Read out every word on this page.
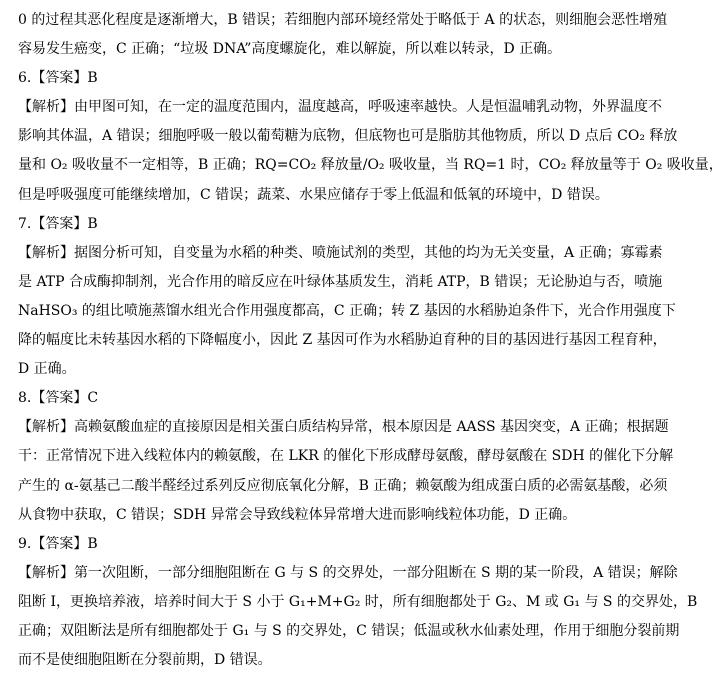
0 的过程其恶化程度是逐渐增大，B 错误；若细胞内部环境经常处于略低于 A 的状态，则细胞会恶性增殖
容易发生癌变，C 正确；“垃圾 DNA”高度螺旋化，难以解旋，所以难以转录，D 正确。
6.【答案】B
【解析】由甲图可知，在一定的温度范围内，温度越高，呼吸速率越快。人是恒温哺乳动物，外界温度不
影响其体温，A 错误；细胞呼吸一般以葡萄糖为底物，但底物也可是脂肪其他物质，所以 D 点后 CO₂ 释放
量和 O₂ 吸收量不一定相等，B 正确；RQ=CO₂ 释放量/O₂ 吸收量，当 RQ=1 时，CO₂ 释放量等于 O₂ 吸收量，
但是呼吸强度可能继续增加，C 错误；蔬菜、水果应储存于零上低温和低氧的环境中，D 错误。
7.【答案】B
【解析】据图分析可知，自变量为水稻的种类、喷施试剂的类型，其他的均为无关变量，A 正确；寡霉素
是 ATP 合成酶抑制剂，光合作用的暗反应在叶绿体基质发生，消耗 ATP，B 错误；无论胁迫与否，喷施
NaHSO₃ 的组比喷施蒸馏水组光合作用强度都高，C 正确；转 Z 基因的水稻胁迫条件下，光合作用强度下
降的幅度比未转基因水稻的下降幅度小，因此 Z 基因可作为水稻胁迫育种的目的基因进行基因工程育种，
D 正确。
8.【答案】C
【解析】高赖氨酸血症的直接原因是相关蛋白质结构异常，根本原因是 AASS 基因突变，A 正确；根据题
干：正常情况下进入线粒体内的赖氨酸，在 LKR 的催化下形成酵母氨酸，酵母氨酸在 SDH 的催化下分解
产生的 α-氨基己二酸半醛经过系列反应彻底氧化分解，B 正确；赖氨酸为组成蛋白质的必需氨基酸，必须
从食物中获取，C 错误；SDH 异常会导致线粒体异常增大进而影响线粒体功能，D 正确。
9.【答案】B
【解析】第一次阻断，一部分细胞阻断在 G 与 S 的交界处，一部分阻断在 S 期的某一阶段，A 错误；解除
阻断 I，更换培养液，培养时间大于 S 小于 G₁+M+G₂ 时，所有细胞都处于 G₂、M 或 G₁ 与 S 的交界处，B
正确；双阻断法是所有细胞都处于 G₁ 与 S 的交界处，C 错误；低温或秋水仙素处理，作用于细胞分裂前期
而不是使细胞阻断在分裂前期，D 错误。
